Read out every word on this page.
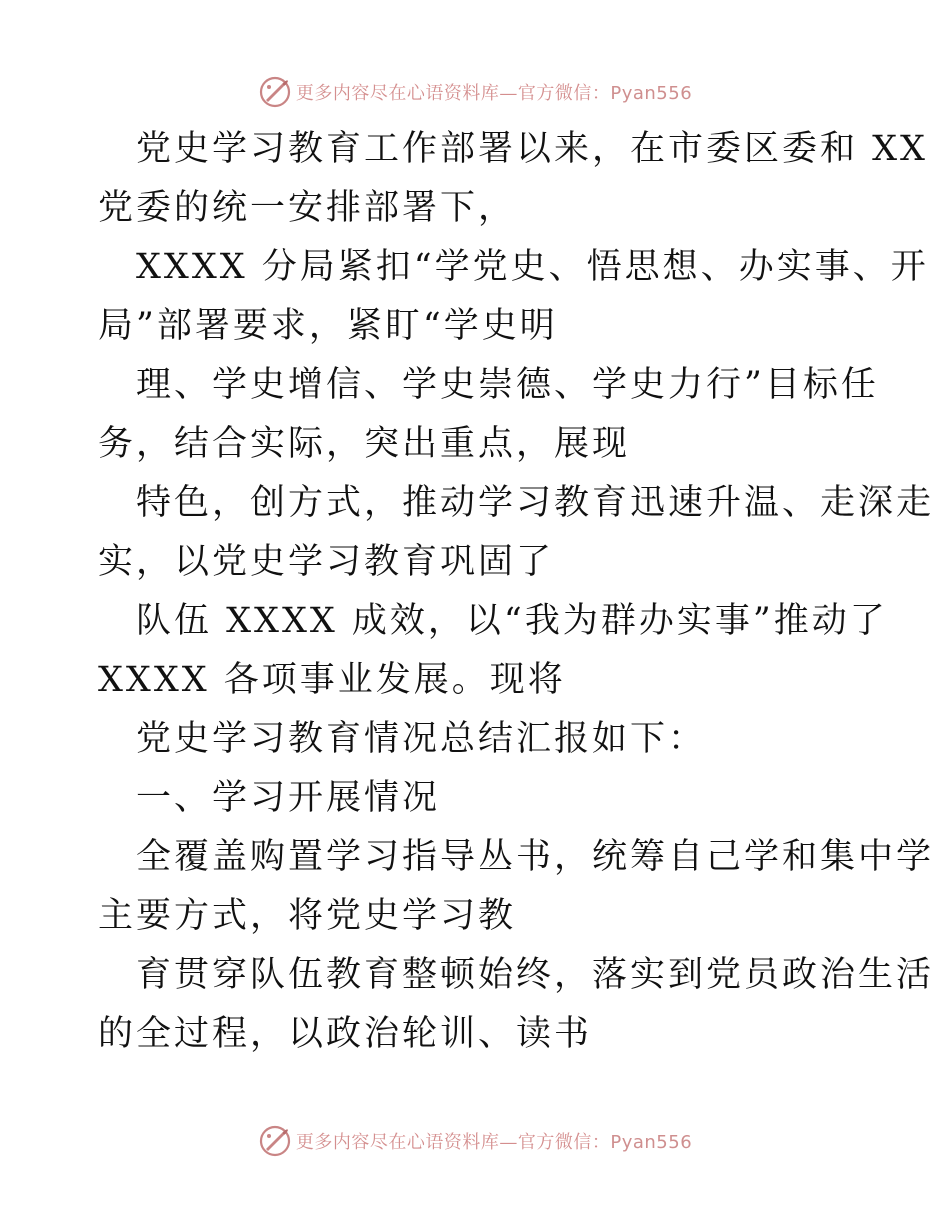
更多内容尽在心语资料库—官方微信：Pyan556

党史学习教育工作部署以来，在市委区委和 XX
党委的统一安排部署下，

XXXX 分局紧扣“学党史、悟思想、办实事、开
局”部署要求，紧盯“学史明

理、学史增信、学史崇德、学史力行”目标任
务，结合实际，突出重点，展现

特色，创方式，推动学习教育迅速升温、走深走
实，以党史学习教育巩固了

队伍 XXXX 成效，以“我为群办实事”推动了
XXXX 各项事业发展。现将

党史学习教育情况总结汇报如下：

一、学习开展情况

全覆盖购置学习指导丛书，统筹自己学和集中学
主要方式，将党史学习教

育贯穿队伍教育整顿始终，落实到党员政治生活
的全过程，以政治轮训、读书

更多内容尽在心语资料库—官方微信：Pyan556
